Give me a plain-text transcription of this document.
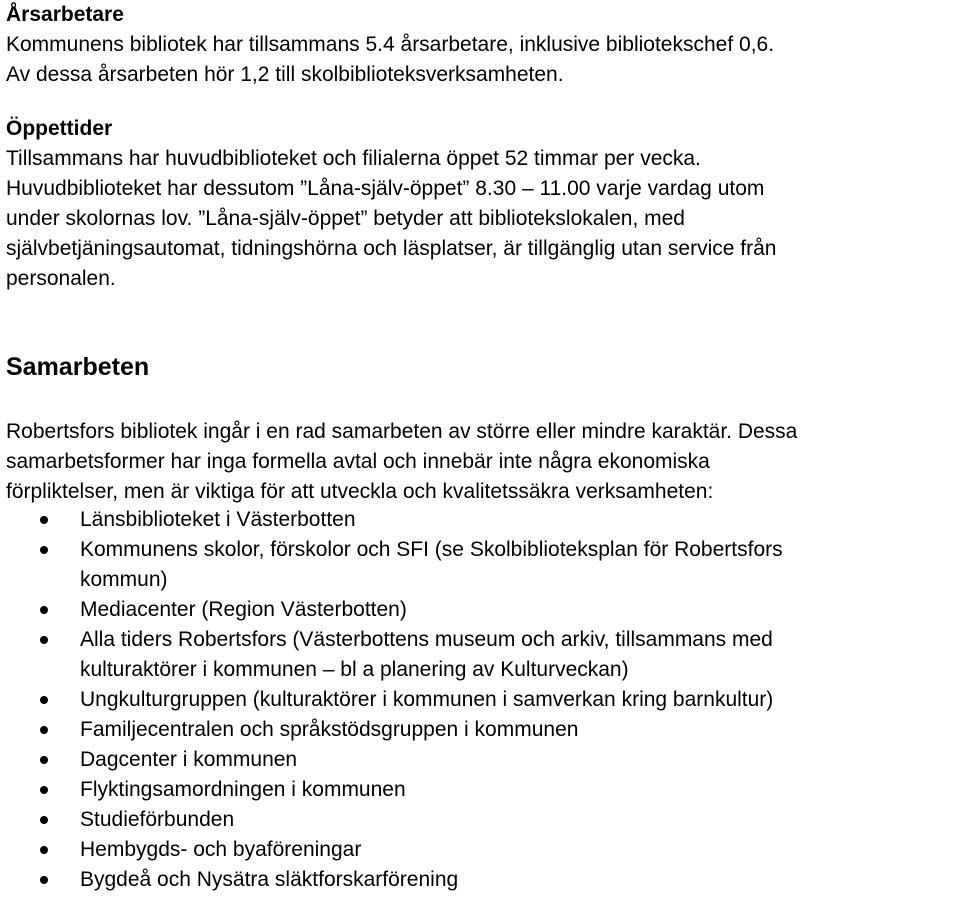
Årsarbetare

Kommunens bibliotek har tillsammans 5.4 årsarbetare, inklusive bibliotekschef 0,6.

Av dessa årsarbeten hör 1,2 till skolbiblioteksverksamheten.

Öppettider

Tillsammans har huvudbiblioteket och filialerna öppet 52 timmar per vecka.

Huvudbiblioteket har dessutom ”Låna-själv-öppet” 8.30 – 11.00 varje vardag utom

under skolornas lov. ”Låna-själv-öppet” betyder att bibliotekslokalen, med

självbetjäningsautomat, tidningshörna och läsplatser, är tillgänglig utan service från

personalen.

Samarbeten

Robertsfors bibliotek ingår i en rad samarbeten av större eller mindre karaktär. Dessa

samarbetsformer har inga formella avtal och innebär inte några ekonomiska

förpliktelser, men är viktiga för att utveckla och kvalitetssäkra verksamheten:

Länsbiblioteket i Västerbotten

Kommunens skolor, förskolor och SFI (se Skolbiblioteksplan för Robertsfors

kommun)

Mediacenter (Region Västerbotten)

Alla tiders Robertsfors (Västerbottens museum och arkiv, tillsammans med

kulturaktörer i kommunen – bl a planering av Kulturveckan)

Ungkulturgruppen (kulturaktörer i kommunen i samverkan kring barnkultur)

Familjecentralen och språkstödsgruppen i kommunen

Dagcenter i kommunen

Flyktingsamordningen i kommunen

Studieförbunden

Hembygds- och byaföreningar

Bygdeå och Nysätra släktforskarförening
